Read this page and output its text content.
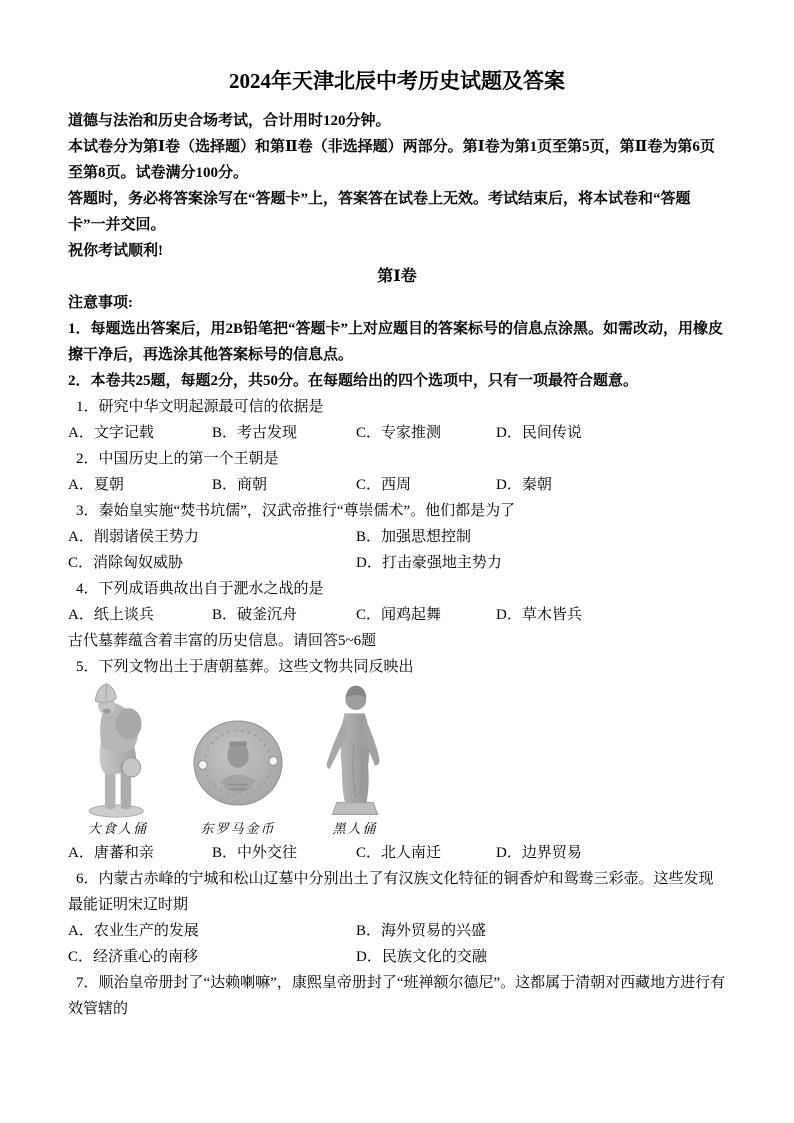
2024年天津北辰中考历史试题及答案

道德与法治和历史合场考试，合计用时120分钟。

本试卷分为第Ⅰ卷（选择题）和第Ⅱ卷（非选择题）两部分。第Ⅰ卷为第1页至第5页，第Ⅱ卷为第6页至第8页。试卷满分100分。

答题时，务必将答案涂写在“答题卡”上，答案答在试卷上无效。考试结束后，将本试卷和“答题卡”一并交回。

祝你考试顺利!

第Ⅰ卷

注意事项:

1．每题选出答案后，用2B铅笔把“答题卡”上对应题目的答案标号的信息点涂黑。如需改动，用橡皮擦干净后，再选涂其他答案标号的信息点。

2．本卷共25题，每题2分，共50分。在每题给出的四个选项中，只有一项最符合题意。

1．研究中华文明起源最可信的依据是

A．文字记载	B．考古发现	C．专家推测	D．民间传说

2．中国历史上的第一个王朝是

A．夏朝	B．商朝	C．西周	D．秦朝

3．秦始皇实施“焚书坑儒”，汉武帝推行“尊崇儒术”。他们都是为了

A．削弱诸侯王势力	B．加强思想控制
C．消除匈奴威胁	D．打击豪强地主势力

4．下列成语典故出自于淝水之战的是

A．纸上谈兵	B．破釜沉舟	C．闻鸡起舞	D．草木皆兵

古代墓葬蕴含着丰富的历史信息。请回答5~6题

5．下列文物出土于唐朝墓葬。这些文物共同反映出

大食人俑	东罗马金币	黑人俑
A．唐蕃和亲	B．中外交往	C．北人南迁	D．边界贸易

6．内蒙古赤峰的宁城和松山辽墓中分别出土了有汉族文化特征的铜香炉和鸳鸯三彩壶。这些发现最能证明宋辽时期

A．农业生产的发展	B．海外贸易的兴盛
C．经济重心的南移	D．民族文化的交融

7．顺治皇帝册封了“达赖喇嘛”，康熙皇帝册封了“班禅额尔德尼”。这都属于清朝对西藏地方进行有效管辖的
